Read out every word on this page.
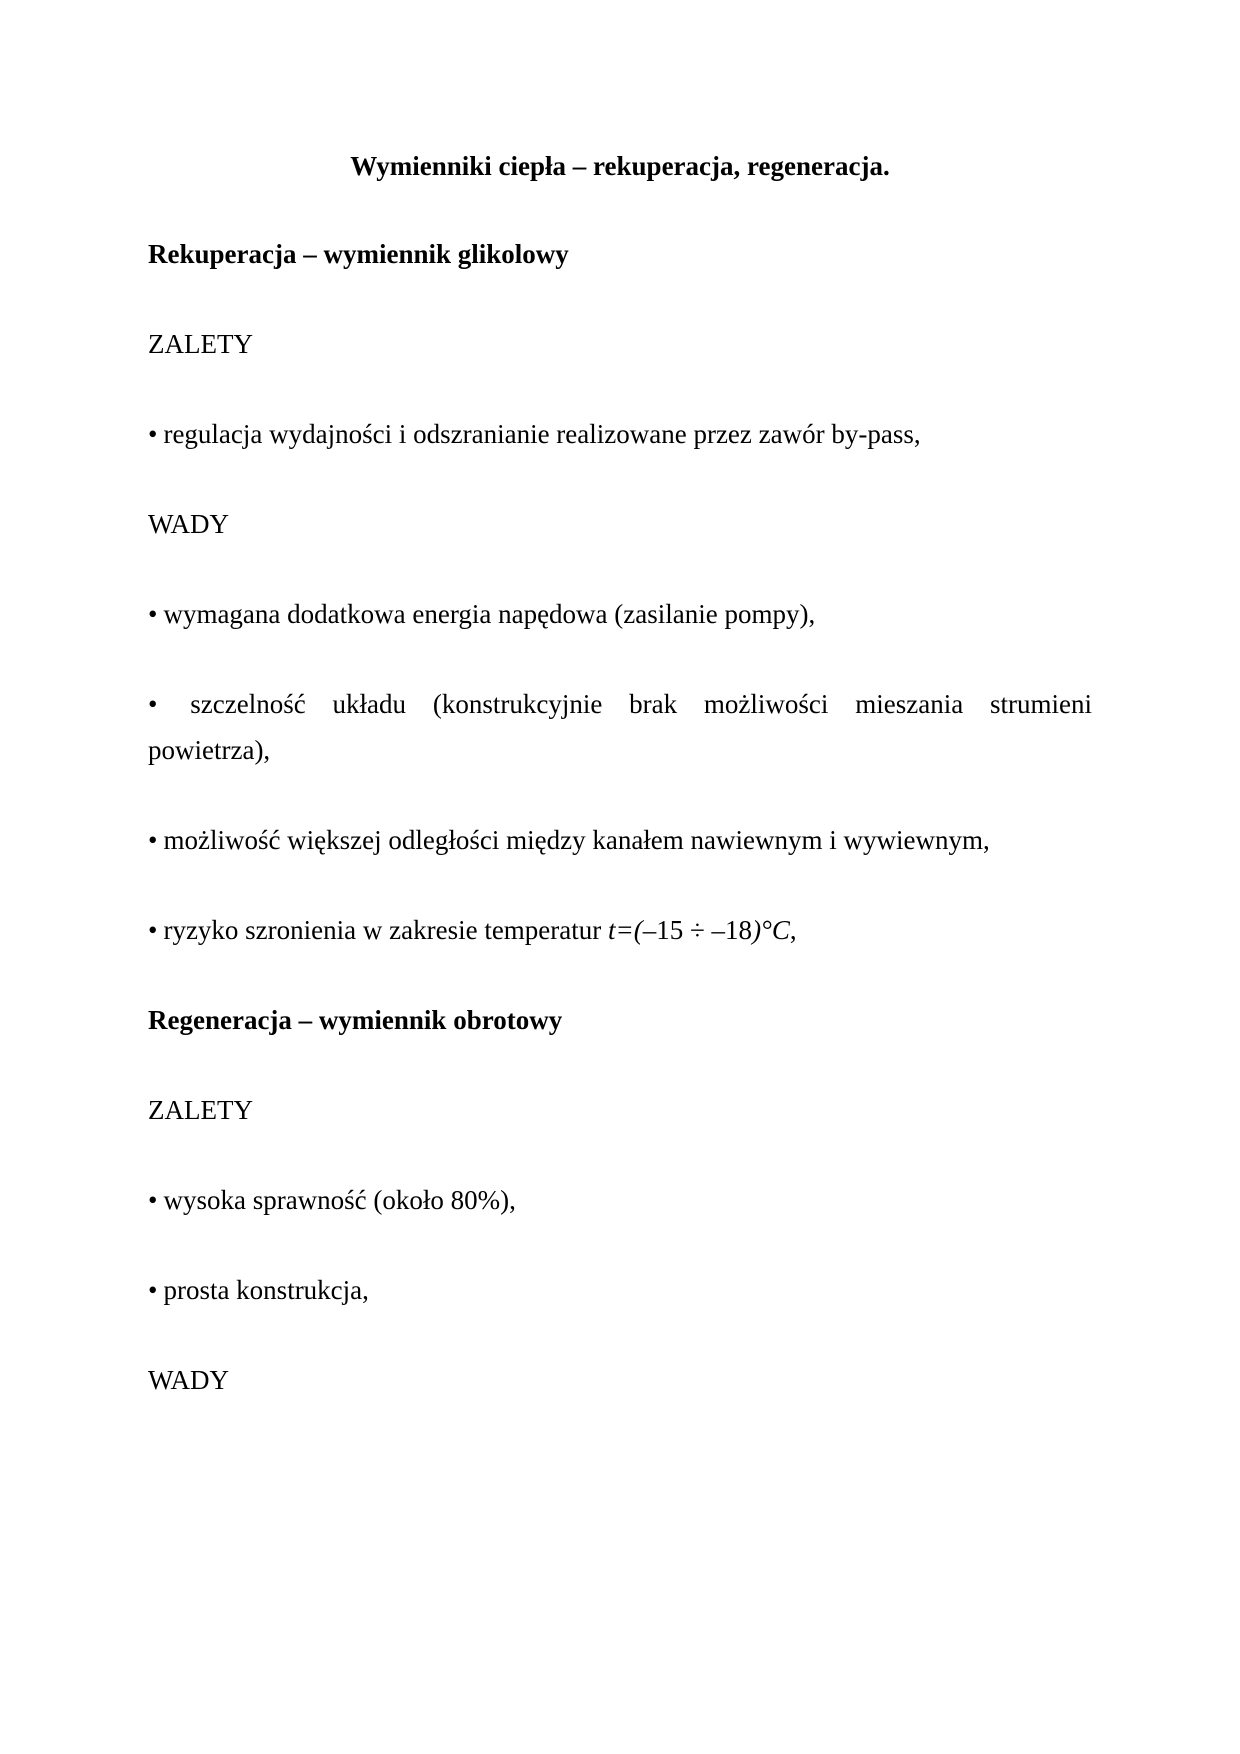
Wymienniki ciepła – rekuperacja, regeneracja.
Rekuperacja – wymiennik glikolowy
ZALETY
• regulacja wydajności i odszranianie realizowane przez zawór by-pass,
WADY
• wymagana dodatkowa energia napędowa (zasilanie pompy),
• szczelność układu (konstrukcyjnie brak możliwości mieszania strumieni
powietrza),
• możliwość większej odległości między kanałem nawiewnym i wywiewnym,
• ryzyko szronienia w zakresie temperatur t=(–15 ÷ –18)°C,
Regeneracja – wymiennik obrotowy
ZALETY
• wysoka sprawność (około 80%),
• prosta konstrukcja,
WADY
